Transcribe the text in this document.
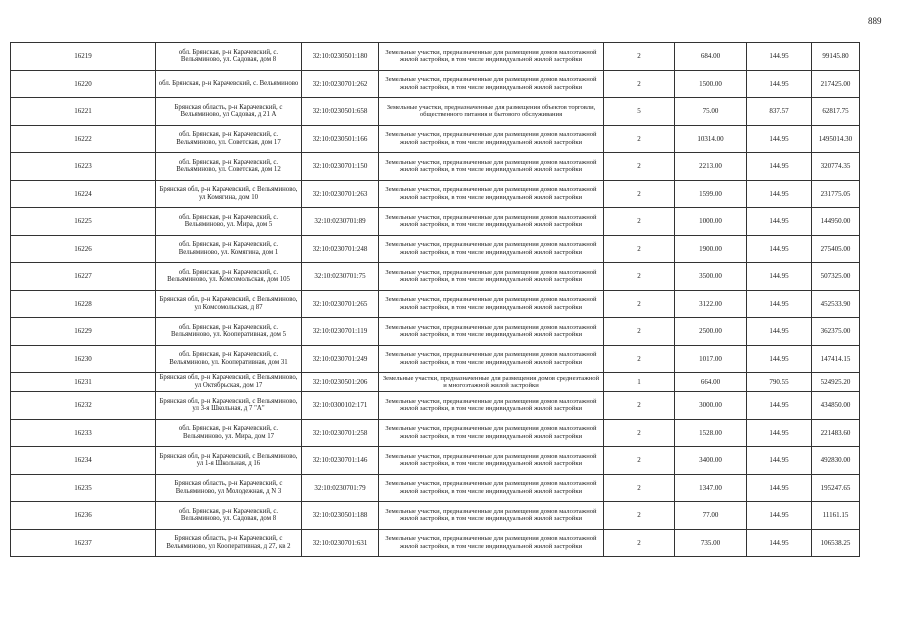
889
16219	обл. Брянская, р-н Карачевский, с. Вельяминово, ул. Садовая, дом 8	32:10:0230501:180	Земельные участки, предназначенные для размещения домов малоэтажной жилой застройки, в том числе индивидуальной жилой застройки	2	684.00	144.95	99145.80
16220	обл. Брянская, р-н Карачевский, с. Вельяминово	32:10:0230701:262	Земельные участки, предназначенные для размещения домов малоэтажной жилой застройки, в том числе индивидуальной жилой застройки	2	1500.00	144.95	217425.00
16221	Брянская область, р-н Карачевский, с Вельяминово, ул Садовая, д 21 А	32:10:0230501:658	Земельные участки, предназначенные для размещения объектов торговли, общественного питания и бытового обслуживания	5	75.00	837.57	62817.75
16222	обл. Брянская, р-н Карачевский, с. Вельяминово, ул. Советская, дом 17	32:10:0230501:166	Земельные участки, предназначенные для размещения домов малоэтажной жилой застройки, в том числе индивидуальной жилой застройки	2	10314.00	144.95	1495014.30
16223	обл. Брянская, р-н Карачевский, с. Вельяминово, ул. Советская, дом 12	32:10:0230701:150	Земельные участки, предназначенные для размещения домов малоэтажной жилой застройки, в том числе индивидуальной жилой застройки	2	2213.00	144.95	320774.35
16224	Брянская обл, р-н Карачевский, с Вельяминово, ул Комягина, дом 10	32:10:0230701:263	Земельные участки, предназначенные для размещения домов малоэтажной жилой застройки, в том числе индивидуальной жилой застройки	2	1599.00	144.95	231775.05
16225	обл. Брянская, р-н Карачевский, с. Вельяминово, ул. Мира, дом 5	32:10:0230701:89	Земельные участки, предназначенные для размещения домов малоэтажной жилой застройки, в том числе индивидуальной жилой застройки	2	1000.00	144.95	144950.00
16226	обл. Брянская, р-н Карачевский, с. Вельяминово, ул. Комягина, дом 1	32:10:0230701:248	Земельные участки, предназначенные для размещения домов малоэтажной жилой застройки, в том числе индивидуальной жилой застройки	2	1900.00	144.95	275405.00
16227	обл. Брянская, р-н Карачевский, с. Вельяминово, ул. Комсомольская, дом 105	32:10:0230701:75	Земельные участки, предназначенные для размещения домов малоэтажной жилой застройки, в том числе индивидуальной жилой застройки	2	3500.00	144.95	507325.00
16228	Брянская обл, р-н Карачевский, с Вельяминово, ул Комсомольская, д 87	32:10:0230701:265	Земельные участки, предназначенные для размещения домов малоэтажной жилой застройки, в том числе индивидуальной жилой застройки	2	3122.00	144.95	452533.90
16229	обл. Брянская, р-н Карачевский, с. Вельяминово, ул. Кооперативная, дом 5	32:10:0230701:119	Земельные участки, предназначенные для размещения домов малоэтажной жилой застройки, в том числе индивидуальной жилой застройки	2	2500.00	144.95	362375.00
16230	обл. Брянская, р-н Карачевский, с. Вельяминово, ул. Кооперативная, дом 31	32:10:0230701:249	Земельные участки, предназначенные для размещения домов малоэтажной жилой застройки, в том числе индивидуальной жилой застройки	2	1017.00	144.95	147414.15
16231	Брянская обл, р-н Карачевский, с Вельяминово, ул Октябрьская, дом 17	32:10:0230501:206	Земельные участки, предназначенные для размещения домов среднеэтажной и многоэтажной жилой застройки	1	664.00	790.55	524925.20
16232	Брянская обл, р-н Карачевский, с Вельяминово, ул 3-я Школьная, д 7 "А"	32:10:0300102:171	Земельные участки, предназначенные для размещения домов малоэтажной жилой застройки, в том числе индивидуальной жилой застройки	2	3000.00	144.95	434850.00
16233	обл. Брянская, р-н Карачевский, с. Вельяминово, ул. Мира, дом 17	32:10:0230701:258	Земельные участки, предназначенные для размещения домов малоэтажной жилой застройки, в том числе индивидуальной жилой застройки	2	1528.00	144.95	221483.60
16234	Брянская обл, р-н Карачевский, с Вельяминово, ул 1-я Школьная, д 16	32:10:0230701:146	Земельные участки, предназначенные для размещения домов малоэтажной жилой застройки, в том числе индивидуальной жилой застройки	2	3400.00	144.95	492830.00
16235	Брянская область, р-н Карачевский, с Вельяминово, ул Молодежная, д N 3	32:10:0230701:79	Земельные участки, предназначенные для размещения домов малоэтажной жилой застройки, в том числе индивидуальной жилой застройки	2	1347.00	144.95	195247.65
16236	обл. Брянская, р-н Карачевский, с. Вельяминово, ул. Садовая, дом 8	32:10:0230501:188	Земельные участки, предназначенные для размещения домов малоэтажной жилой застройки, в том числе индивидуальной жилой застройки	2	77.00	144.95	11161.15
16237	Брянская область, р-н Карачевский, с Вельяминово, ул Кооперативная, д 27, кв 2	32:10:0230701:631	Земельные участки, предназначенные для размещения домов малоэтажной жилой застройки, в том числе индивидуальной жилой застройки	2	735.00	144.95	106538.25
